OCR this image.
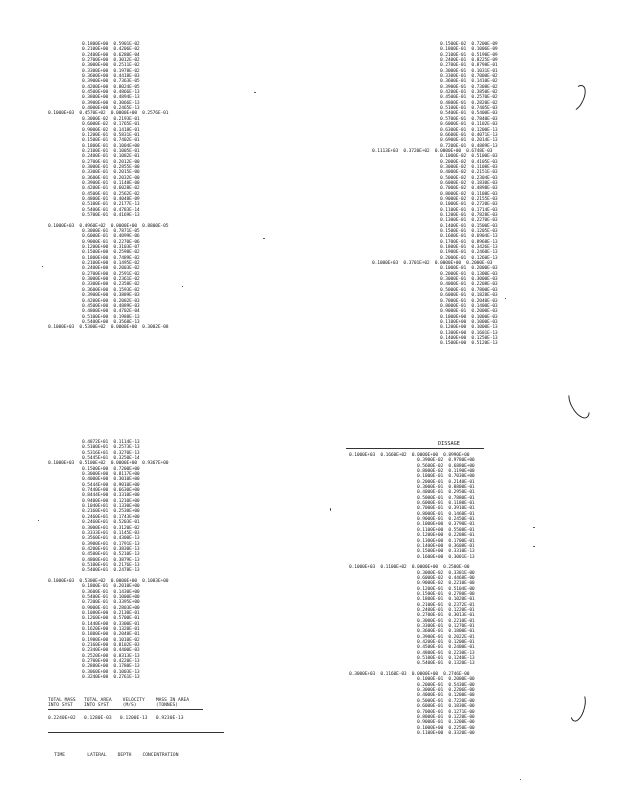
0.1800E+00  0.5901E-02
0.2100E+00  0.4206E-02
0.2400E+00  0.6280E-04
0.2700E+00  0.3012E-02
0.3000E+00  0.2511E-02
0.3300E+00  0.1978E-02
0.3600E+00  0.4418E-03
0.3900E+00  0.7363E-05
0.4200E+00  0.8024E-05
0.4500E+00  0.4866E-13
0.3800E+00  0.4894E-13
0.3900E+00  0.3066E-13
0.4000E+00  0.2465E-13
0.1000E+03  0.4570E+02  0.0000E+00  0.2576E-01
0.3000E-02  0.2193E-01
0.6000E-02  0.1765E-01
0.9000E-02  0.1418E-01
0.1200E-01  0.5831E-01
0.1500E-01  0.7402E-01
0.1800E-01  0.1004E+00
0.2100E-01  0.1005E-01
0.2400E-01  0.1082E-01
0.2700E-01  0.2012E-00
0.3000E-01  0.2855E-00
0.3300E-01  0.2015E-00
0.3600E-01  0.2032E-00
0.3900E-01  0.1148E-00
0.4200E-01  0.6028E-02
0.4500E-01  0.2562E-02
0.4800E-01  0.4048E-09
0.5100E-01  0.2177E-13
0.5400E-01  0.4783E-14
0.5700E-01  0.4169E-13
0.1000E+03  0.4960E+02  0.0000E+00  0.8800E-05
0.3000E-01  0.7871E-05
0.6000E-01  0.4099E-06
0.9000E-01  0.2270E-06
0.1200E+00  0.3103E-07
0.1500E+00  0.2598E-02
0.1800E+00  0.7489E-02
0.2100E+00  0.1495E-02
0.2400E+00  0.2003E-02
0.2700E+00  0.2591E-02
0.3000E+00  0.2361E-02
0.3300E+00  0.2358E-02
0.3600E+00  0.1593E-02
0.3900E+00  0.3889E-03
0.4200E+00  0.2002E-03
0.4500E+00  0.4889E-03
0.4800E+00  0.4702E-04
0.5100E+00  0.1988E-13
0.5400E+00  0.3568E-13
0.1000E+03  0.5300E+02  0.0000E+00  0.3002E-08
0.1500E-02  0.7200E-09
0.1800E-01  0.1006E-09
0.2100E-01  0.5190E-09
0.2400E-01  0.8225E-09
0.2700E-01  0.8798E-01
0.3000E-01  0.1031E-01
0.3300E-01  0.7000E-02
0.3600E-01  0.1410E-02
0.3900E-01  0.7308E-02
0.4200E-01  0.3850E-02
0.4500E-01  0.2570E-02
0.4800E-01  0.2820E-02
0.5100E-01  0.7405E-03
0.5400E-01  0.5400E-03
0.5700E-01  0.7840E-03
0.6000E-01  0.1102E-03
0.6300E-01  0.1200E-13
0.6600E-01  0.4071E-13
0.6900E-01  0.2014E-13
0.7200E-01  0.4889E-13
0.1113E+03  0.3720E+02  0.0000E+00  0.6748E-03
0.1000E-02  0.5100E-03
0.2000E-02  0.4105E-03
0.3000E-02  0.1108E-03
0.4000E-02  0.2151E-03
0.5000E-02  0.2304E-03
0.6000E-02  0.1830E-03
0.7000E-02  0.4898E-03
0.8000E-02  0.1108E-03
0.9000E-02  0.2155E-03
0.1000E-01  0.2720E-03
0.1100E-01  0.1714E-03
0.1200E-01  0.7828E-03
0.1300E-01  0.2270E-03
0.1400E-01  0.1500E-03
0.1500E-01  0.1205E-03
0.1600E-01  0.6904E-13
0.1700E-01  0.8968E-13
0.1800E-01  0.3426E-13
0.1900E-01  0.2460E-13
0.2000E-01  0.1260E-13
0.1000E+03  0.3701E+02  0.0000E+00  0.2000E-03
0.1000E-01  0.2000E-03
0.2000E-01  0.1300E-03
0.3000E-01  0.3000E-03
0.4000E-01  0.2208E-03
0.5000E-01  0.7800E-03
0.6000E-01  0.1828E-03
0.7000E-01  0.2040E-03
0.8000E-01  0.1400E-03
0.9000E-01  0.2000E-03
0.1000E+00  0.1000E-03
0.1100E+00  0.1000E-03
0.1200E+00  0.1000E-13
0.1300E+00  0.1601E-13
0.1400E+00  0.1250E-13
0.1500E+00  0.5120E-13
0.4872E+01  0.1114E-13
0.5100E+01  0.2573E-13
0.5316E+01  0.3270E-13
0.5445E+01  0.3250E-14
0.1000E+03  0.5100E+02  0.0000E+00  0.9367E+00
0.1500E+00  0.7200E+00
0.3000E+00  0.8117E+00
0.4000E+00  0.3010E+00
0.5444E+00  0.9010E+00
0.7440E+00  0.6630E+00
0.8444E+00  0.3310E+00
0.9400E+00  0.1210E+00
0.1040E+01  0.1330E+00
0.2160E+01  0.2530E+00
0.2460E+01  0.1743E+00
0.2460E+01  0.5203E-01
0.3000E+01  0.3120E-02
0.3333E+01  0.1145E-03
0.3560E+01  0.4300E-13
0.3900E+01  0.1791E-13
0.4200E+01  0.3830E-13
0.4500E+01  0.5210E-13
0.4800E+01  0.3879E-13
0.5100E+01  0.2176E-13
0.5400E+01  0.2478E-13
0.1000E+03  0.5300E+02  0.0000E+00  0.1083E+00
0.1800E-01  0.2010E+00
0.3600E-01  0.1430E+00
0.5400E-01  0.1000E+00
0.7200E-01  0.3395E+00
0.9000E-01  0.2803E+00
0.1080E+00  0.2130E-01
0.1260E+00  0.5700E-01
0.1440E+00  0.3300E-01
0.1620E+00  0.1320E-01
0.1800E+00  0.2048E-01
0.1980E+00  0.1010E-02
0.2160E+00  0.8102E-03
0.2340E+00  0.4400E-03
0.2520E+00  0.8313E-13
0.2700E+00  0.4220E-13
0.2880E+00  0.1780E-13
0.3060E+00  0.1003E-13
0.3240E+00  0.2761E-13
DISSAGE
0.1000E+03  0.1660E+02  0.0000E+00  0.8990E+00
0.3900E-02  0.9780E+00
0.5600E-02  0.6880E+00
0.8000E-02  0.1190E+00
0.1000E-01  0.7030E+00
0.2000E-01  0.2140E-01
0.3000E-01  0.8800E-01
0.4000E-01  0.2950E-01
0.5000E-01  0.7880E-01
0.6000E-01  0.1180E-01
0.7000E-01  0.3910E-01
0.8000E-01  0.1460E-01
0.9000E-01  0.2450E-01
0.1000E+00  0.3790E-01
0.1100E+00  0.5508E-01
0.1200E+00  0.2208E-01
0.1300E+00  0.1700E-01
0.1400E+00  0.3608E-01
0.1500E+00  0.3310E-13
0.1600E+00  0.3001E-13
0.1000E+03  0.1100E+02  0.0000E+00  0.2500E-00
0.3000E-02  0.3301E-00
0.6000E-02  0.4468E-00
0.9000E-02  0.2210E-00
0.1200E-01  0.5104E-00
0.1500E-01  0.2780E-00
0.1800E-01  0.1020E-01
0.2100E-01  0.2372E-01
0.2400E-01  0.1220E-01
0.2700E-01  0.3013E-01
0.3000E-01  0.2210E-01
0.3300E-01  0.1270E-01
0.3600E-01  0.1800E-01
0.3900E-01  0.2022E-01
0.4200E-01  0.1200E-01
0.4500E-01  0.2400E-01
0.4800E-01  0.2230E-13
0.5100E-01  0.1240E-13
0.5400E-01  0.1320E-13
0.3000E+03  0.1160E-03  0.0000E+00  0.2746E-00
0.1000E-01  0.2000E-00
0.2000E-01  0.5430E-00
0.3000E-01  0.2206E-00
0.4000E-01  0.1200E-00
0.5000E-01  0.7220E-00
0.6000E-01  0.1830E-00
0.7000E-01  0.1271E-00
0.8000E-01  0.1220E-00
0.9000E-01  0.1200E-00
0.1000E+00  0.2250E-00
0.1100E+00  0.3320E-00
TOTAL MASS   TOTAL AREA    VELOCITY    MASS IN AREA
INTO SYST    INTO SYST     (M/S)       (TONNES)
0.2240E+02   0.1280E-03   0.1200E-13   0.9230E-13
TIME        LATERAL    DEPTH    CONCENTRATION
